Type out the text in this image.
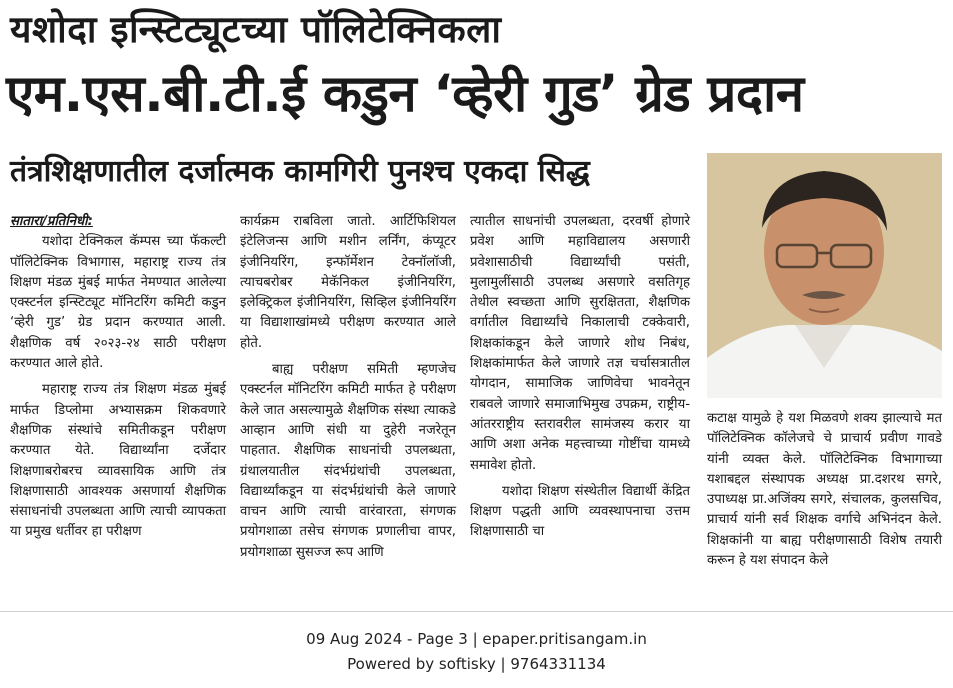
यशोदा इन्स्टिट्यूटच्या पॉलिटेक्निकला
एम.एस.बी.टी.ई कडुन ‘व्हेरी गुड’ ग्रेड प्रदान
तंत्रशिक्षणातील दर्जात्मक कामगिरी पुनश्च एकदा सिद्ध

सातारा/प्रतिनिधी:

यशोदा टेक्निकल कॅम्पस च्या फॅकल्टी पॉलिटेक्निक विभागास, महाराष्ट्र राज्य तंत्र शिक्षण मंडळ मुंबई मार्फत नेमण्यात आलेल्या एक्स्टर्नल इन्स्टिट्यूट मॉनिटरिंग कमिटी कडुन ‘व्हेरी गुड’ ग्रेड प्रदान करण्यात आली. शैक्षणिक वर्ष २०२३-२४ साठी परीक्षण करण्यात आले होते.

महाराष्ट्र राज्य तंत्र शिक्षण मंडळ मुंबई मार्फत डिप्लोमा अभ्यासक्रम शिकवणारे शैक्षणिक संस्थांचे समितीकडून परीक्षण करण्यात येते. विद्यार्थ्यांना दर्जेदार शिक्षणाबरोबरच व्यावसायिक आणि तंत्र शिक्षणासाठी आवश्यक असणार्या शैक्षणिक संसाधनांची उपलब्धता आणि त्याची व्यापकता या प्रमुख धर्तीवर हा परीक्षण

कार्यक्रम राबविला जातो. आर्टिफिशियल इंटेलिजन्स आणि मशीन लर्निंग, कंप्यूटर इंजीनियरिंग, इन्फॉर्मेशन टेक्नॉलॉजी, त्याचबरोबर मेकॅनिकल इंजीनियरिंग, इलेक्ट्रिकल इंजीनियरिंग, सिव्हिल इंजीनियरिंग या विद्याशाखांमध्ये परीक्षण करण्यात आले होते.

बाह्य परीक्षण समिती म्हणजेच एक्स्टर्नल मॉनिटरिंग कमिटी मार्फत हे परीक्षण केले जात असल्यामुळे शैक्षणिक संस्था त्याकडे आव्हान आणि संधी या दुहेरी नजरेतून पाहतात. शैक्षणिक साधनांची उपलब्धता, ग्रंथालयातील संदर्भग्रंथांची उपलब्धता, विद्यार्थ्यांकडून या संदर्भग्रंथांची केले जाणारे वाचन आणि त्याची वारंवारता, संगणक प्रयोगशाळा तसेच संगणक प्रणालीचा वापर, प्रयोगशाळा सुसज्ज रूप आणि

त्यातील साधनांची उपलब्धता, दरवर्षी होणारे प्रवेश आणि महाविद्यालय असणारी प्रवेशासाठीची विद्यार्थ्यांची पसंती, मुलामुलींसाठी उपलब्ध असणारे वसतिगृह तेथील स्वच्छता आणि सुरक्षितता, शैक्षणिक वर्गातील विद्यार्थ्यांचे निकालाची टक्केवारी, शिक्षकांकडून केले जाणारे शोध निबंध, शिक्षकांमार्फत केले जाणारे तज्ञ चर्चासत्रातील योगदान, सामाजिक जाणिवेचा भावनेतून राबवले जाणारे समाजाभिमुख उपक्रम, राष्ट्रीय-आंतरराष्ट्रीय स्तरावरील सामंजस्य करार या आणि अशा अनेक महत्त्वाच्या गोष्टींचा यामध्ये समावेश होतो.

यशोदा शिक्षण संस्थेतील विद्यार्थी केंद्रित शिक्षण पद्धती आणि व्यवस्थापनाचा उत्तम शिक्षणासाठी चा

कटाक्ष यामुळे हे यश मिळवणे शक्य झाल्याचे मत पॉलिटेक्निक कॉलेजचे चे प्राचार्य प्रवीण गावडे यांनी व्यक्त केले. पॉलिटेक्निक विभागाच्या यशाबद्दल संस्थापक अध्यक्ष प्रा.दशरथ सगरे, उपाध्यक्ष प्रा.अजिंक्य सगरे, संचालक, कुलसचिव, प्राचार्य यांनी सर्व शिक्षक वर्गाचे अभिनंदन केले. शिक्षकांनी या बाह्य परीक्षणासाठी विशेष तयारी करून हे यश संपादन केले

09 Aug 2024 - Page 3 | epaper.pritisangam.in
Powered by softisky | 9764331134
